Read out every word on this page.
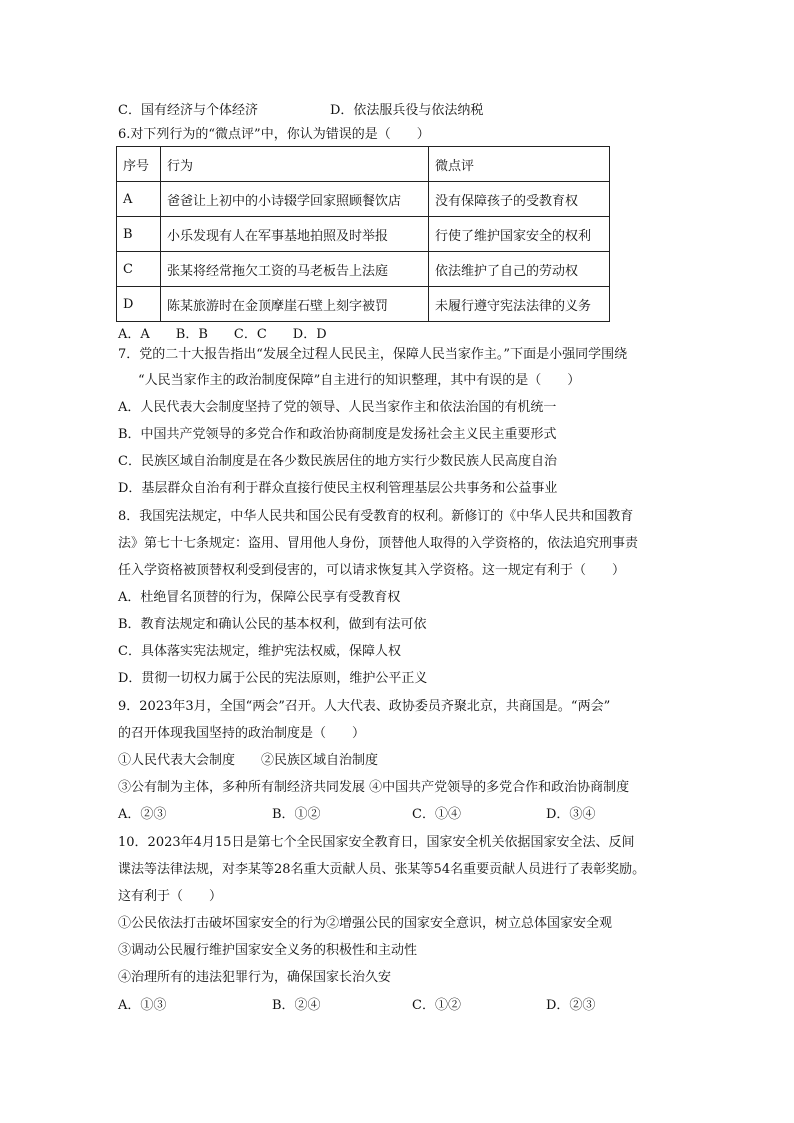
C．国有经济与个体经济	D．依法服兵役与依法纳税
6.对下列行为的“微点评”中，你认为错误的是（　　）
序号	行为	微点评
A	爸爸让上初中的小诗辍学回家照顾餐饮店	没有保障孩子的受教育权
B	小乐发现有人在军事基地拍照及时举报	行使了维护国家安全的权利
C	张某将经常拖欠工资的马老板告上法庭	依法维护了自己的劳动权
D	陈某旅游时在金顶摩崖石壁上刻字被罚	未履行遵守宪法法律的义务
A．A　　B．B　　C．C　　D．D
7．党的二十大报告指出“发展全过程人民民主，保障人民当家作主。”下面是小强同学围绕
“人民当家作主的政治制度保障”自主进行的知识整理，其中有误的是（　　）
A．人民代表大会制度坚持了党的领导、人民当家作主和依法治国的有机统一
B．中国共产党领导的多党合作和政治协商制度是发扬社会主义民主重要形式
C．民族区域自治制度是在各少数民族居住的地方实行少数民族人民高度自治
D．基层群众自治有利于群众直接行使民主权利管理基层公共事务和公益事业
8．我国宪法规定，中华人民共和国公民有受教育的权利。新修订的《中华人民共和国教育
法》第七十七条规定：盗用、冒用他人身份，顶替他人取得的入学资格的，依法追究刑事责
任入学资格被顶替权利受到侵害的，可以请求恢复其入学资格。这一规定有利于（　　）
A．杜绝冒名顶替的行为，保障公民享有受教育权
B．教育法规定和确认公民的基本权利，做到有法可依
C．具体落实宪法规定，维护宪法权威，保障人权
D．贯彻一切权力属于公民的宪法原则，维护公平正义
9．2023年3月，全国“两会”召开。人大代表、政协委员齐聚北京，共商国是。“两会”
的召开体现我国坚持的政治制度是（　　）
①人民代表大会制度　　②民族区域自治制度
③公有制为主体，多种所有制经济共同发展 ④中国共产党领导的多党合作和政治协商制度
A．②③	B．①②	C．①④	D．③④
10．2023年4月15日是第七个全民国家安全教育日，国家安全机关依据国家安全法、反间
谍法等法律法规，对李某等28名重大贡献人员、张某等54名重要贡献人员进行了表彰奖励。
这有利于（　　）
①公民依法打击破坏国家安全的行为②增强公民的国家安全意识，树立总体国家安全观
③调动公民履行维护国家安全义务的积极性和主动性
④治理所有的违法犯罪行为，确保国家长治久安
A．①③	B．②④	C．①②	D．②③
